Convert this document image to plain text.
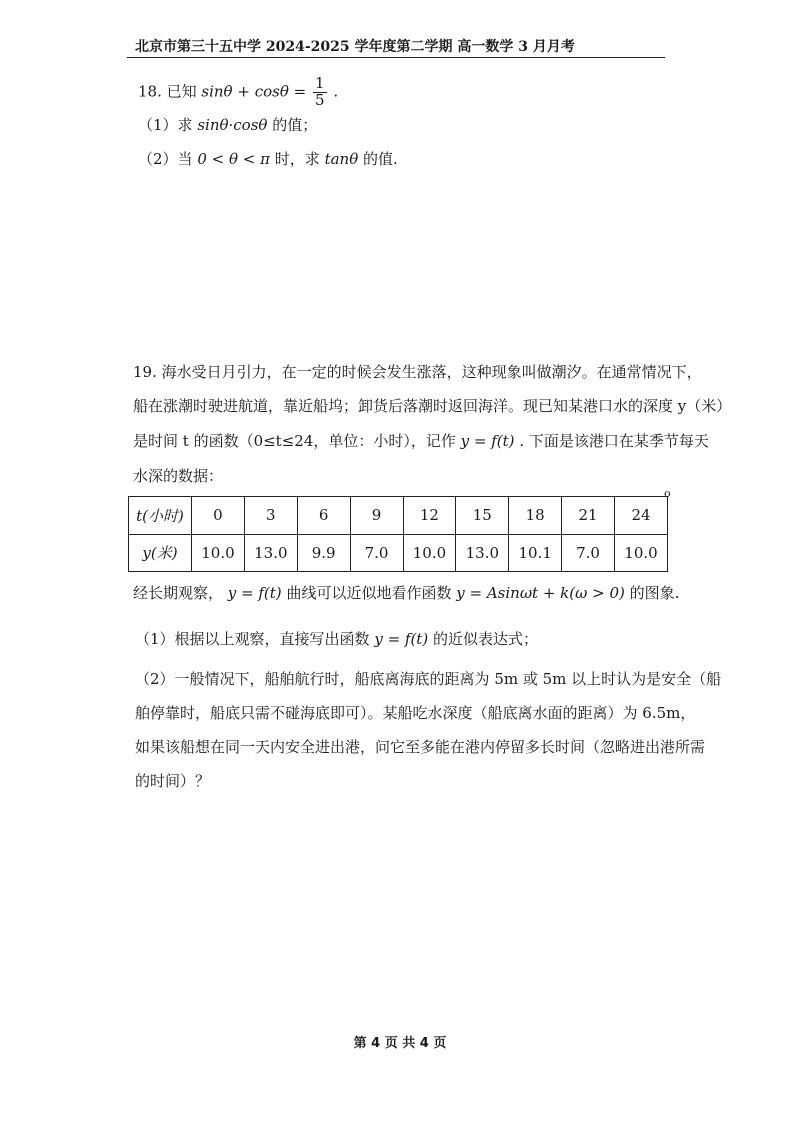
北京市第三十五中学 2024-2025 学年度第二学期 高一数学 3 月月考
18. 已知 $\sin\theta + \cos\theta = \frac{1}{5}$ .
（1）求 sinθ·cosθ 的值；
（2）当 0 < θ < π 时，求 tanθ 的值.
19. 海水受日月引力，在一定的时候会发生涨落，这种现象叫做潮汐。在通常情况下，
船在涨潮时驶进航道，靠近船坞；卸货后落潮时返回海洋。现已知某港口水的深度 y（米）
是时间 t 的函数（0≤t≤24，单位：小时），记作 y = f(t) . 下面是该港口在某季节每天
水深的数据：
o
t(小时)	0	3	6	9	12	15	18	21	24
y(米)	10.0	13.0	9.9	7.0	10.0	13.0	10.1	7.0	10.0
经长期观察， y = f(t) 曲线可以近似地看作函数 y = Asinωt + k(ω > 0) 的图象.
（1）根据以上观察，直接写出函数 y = f(t) 的近似表达式；
（2）一般情况下，船舶航行时，船底离海底的距离为 5m 或 5m 以上时认为是安全（船
舶停靠时，船底只需不碰海底即可）。某船吃水深度（船底离水面的距离）为 6.5m，
如果该船想在同一天内安全进出港，问它至多能在港内停留多长时间（忽略进出港所需
的时间）？
第 4 页 共 4 页
